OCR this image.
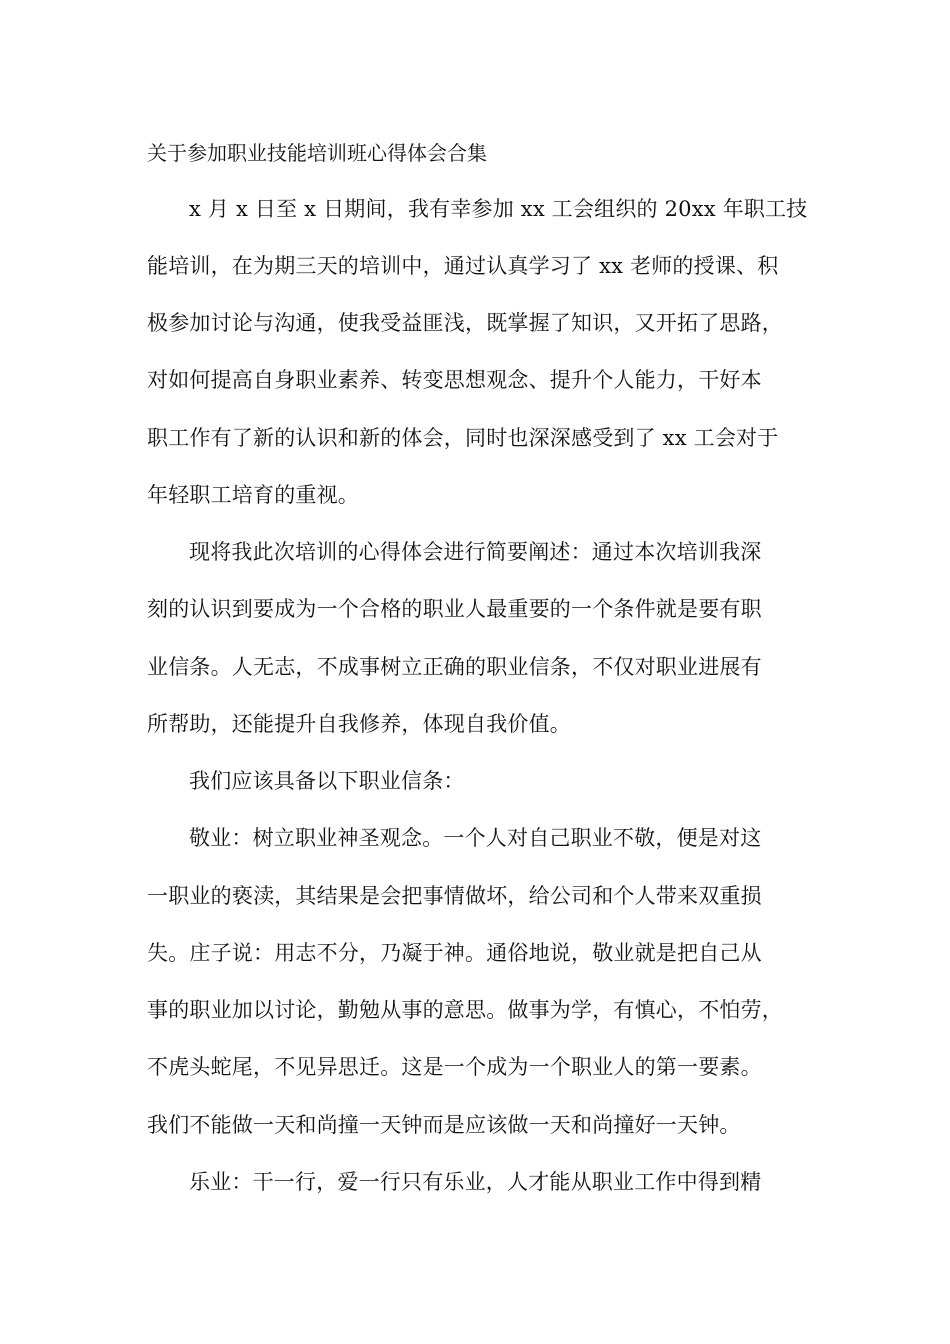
关于参加职业技能培训班心得体会合集
x 月 x 日至 x 日期间，我有幸参加 xx 工会组织的 20xx 年职工技
能培训，在为期三天的培训中，通过认真学习了 xx 老师的授课、积
极参加讨论与沟通，使我受益匪浅，既掌握了知识，又开拓了思路，
对如何提高自身职业素养、转变思想观念、提升个人能力，干好本
职工作有了新的认识和新的体会，同时也深深感受到了 xx 工会对于
年轻职工培育的重视。
现将我此次培训的心得体会进行简要阐述：通过本次培训我深
刻的认识到要成为一个合格的职业人最重要的一个条件就是要有职
业信条。人无志，不成事树立正确的职业信条，不仅对职业进展有
所帮助，还能提升自我修养，体现自我价值。
我们应该具备以下职业信条：
敬业：树立职业神圣观念。一个人对自己职业不敬，便是对这
一职业的亵渎，其结果是会把事情做坏，给公司和个人带来双重损
失。庄子说：用志不分，乃凝于神。通俗地说，敬业就是把自己从
事的职业加以讨论，勤勉从事的意思。做事为学，有慎心，不怕劳，
不虎头蛇尾，不见异思迁。这是一个成为一个职业人的第一要素。
我们不能做一天和尚撞一天钟而是应该做一天和尚撞好一天钟。
乐业：干一行，爱一行只有乐业，人才能从职业工作中得到精
